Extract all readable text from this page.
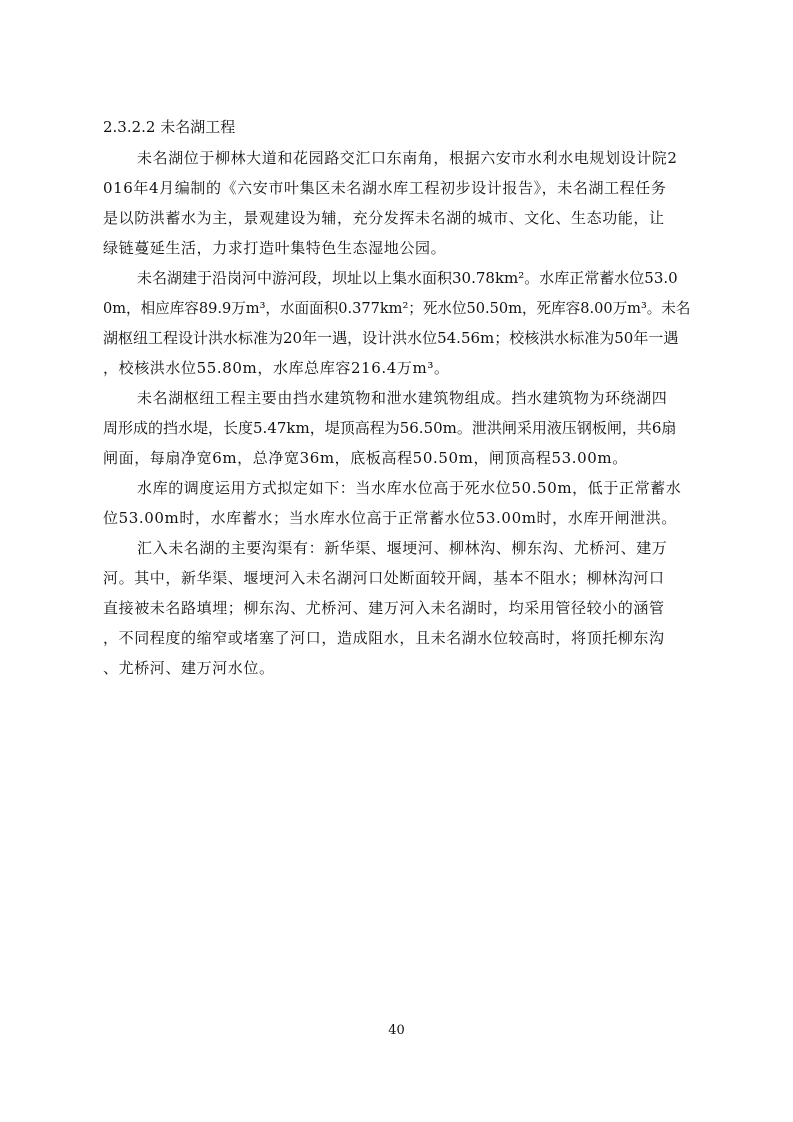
2.3.2.2 未名湖工程
未名湖位于柳林大道和花园路交汇口东南角，根据六安市水利水电规划设计院2
016年4月编制的《六安市叶集区未名湖水库工程初步设计报告》，未名湖工程任务
是以防洪蓄水为主，景观建设为辅，充分发挥未名湖的城市、文化、生态功能，让
绿链蔓延生活，力求打造叶集特色生态湿地公园。
未名湖建于沿岗河中游河段，坝址以上集水面积30.78km²。水库正常蓄水位53.0
0m，相应库容89.9万m³，水面面积0.377km²；死水位50.50m，死库容8.00万m³。未名
湖枢纽工程设计洪水标准为20年一遇，设计洪水位54.56m；校核洪水标准为50年一遇
，校核洪水位55.80m，水库总库容216.4万m³。
未名湖枢纽工程主要由挡水建筑物和泄水建筑物组成。挡水建筑物为环绕湖四
周形成的挡水堤，长度5.47km，堤顶高程为56.50m。泄洪闸采用液压钢板闸，共6扇
闸面，每扇净宽6m，总净宽36m，底板高程50.50m，闸顶高程53.00m。
水库的调度运用方式拟定如下：当水库水位高于死水位50.50m，低于正常蓄水
位53.00m时，水库蓄水；当水库水位高于正常蓄水位53.00m时，水库开闸泄洪。
汇入未名湖的主要沟渠有：新华渠、堰埂河、柳林沟、柳东沟、尤桥河、建万
河。其中，新华渠、堰埂河入未名湖河口处断面较开阔，基本不阻水；柳林沟河口
直接被未名路填埋；柳东沟、尤桥河、建万河入未名湖时，均采用管径较小的涵管
，不同程度的缩窄或堵塞了河口，造成阻水，且未名湖水位较高时，将顶托柳东沟
、尤桥河、建万河水位。
40
